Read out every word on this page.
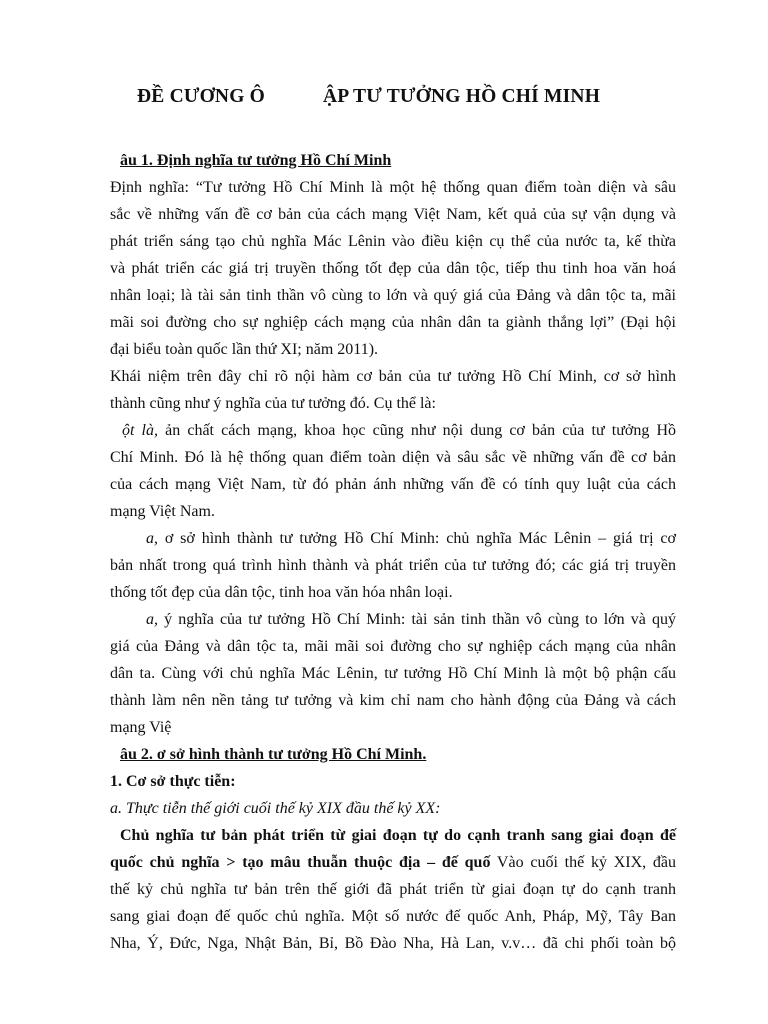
ĐỀ CƯƠNG Ô	ẬP TƯ TƯỞNG HỒ CHÍ MINH
âu 1. Định nghĩa tư tưởng Hồ Chí Minh
Định nghĩa: “Tư tưởng Hồ Chí Minh là một hệ thống quan điểm toàn diện và sâu
sắc về những vấn đề cơ bản của cách mạng Việt Nam, kết quả của sự vận dụng và
phát triển sáng tạo chủ nghĩa Mác Lênin vào điều kiện cụ thể của nước ta, kế thừa
và phát triển các giá trị truyền thống tốt đẹp của dân tộc, tiếp thu tinh hoa văn hoá
nhân loại; là tài sản tinh thần vô cùng to lớn và quý giá của Đảng và dân tộc ta, mãi
mãi soi đường cho sự nghiệp cách mạng của nhân dân ta giành thắng lợi” (Đại hội
đại biểu toàn quốc lần thứ XI; năm 2011).
Khái niệm trên đây chỉ rõ nội hàm cơ bản của tư tưởng Hồ Chí Minh, cơ sở hình
thành cũng như ý nghĩa của tư tưởng đó. Cụ thể là:
ột là, ản chất cách mạng, khoa học cũng như nội dung cơ bản của tư tưởng Hồ
Chí Minh. Đó là hệ thống quan điểm toàn diện và sâu sắc về những vấn đề cơ bản
của cách mạng Việt Nam, từ đó phản ánh những vấn đề có tính quy luật của cách
mạng Việt Nam.
a, ơ sở hình thành tư tưởng Hồ Chí Minh: chủ nghĩa Mác Lênin – giá trị cơ
bản nhất trong quá trình hình thành và phát triển của tư tưởng đó; các giá trị truyền
thống tốt đẹp của dân tộc, tinh hoa văn hóa nhân loại.
a, ý nghĩa của tư tưởng Hồ Chí Minh: tài sản tinh thần vô cùng to lớn và quý
giá của Đảng và dân tộc ta, mãi mãi soi đường cho sự nghiệp cách mạng của nhân
dân ta. Cùng với chủ nghĩa Mác Lênin, tư tưởng Hồ Chí Minh là một bộ phận cấu
thành làm nên nền tảng tư tưởng và kim chỉ nam cho hành động của Đảng và cách
mạng Việ
âu 2. ơ sở hình thành tư tưởng Hồ Chí Minh.
1. Cơ sở thực tiễn:
a. Thực tiễn thế giới cuối thế kỷ XIX đầu thế kỷ XX:
Chủ nghĩa tư bản phát triển từ giai đoạn tự do cạnh tranh sang giai đoạn đế
quốc chủ nghĩa > tạo mâu thuẫn thuộc địa – đế quố Vào cuối thế kỷ XIX, đầu
thế kỷ chủ nghĩa tư bản trên thế giới đã phát triển từ giai đoạn tự do cạnh tranh
sang giai đoạn đế quốc chủ nghĩa. Một số nước đế quốc Anh, Pháp, Mỹ, Tây Ban
Nha, Ý, Đức, Nga, Nhật Bản, Bỉ, Bồ Đào Nha, Hà Lan, v.v… đã chi phối toàn bộ
